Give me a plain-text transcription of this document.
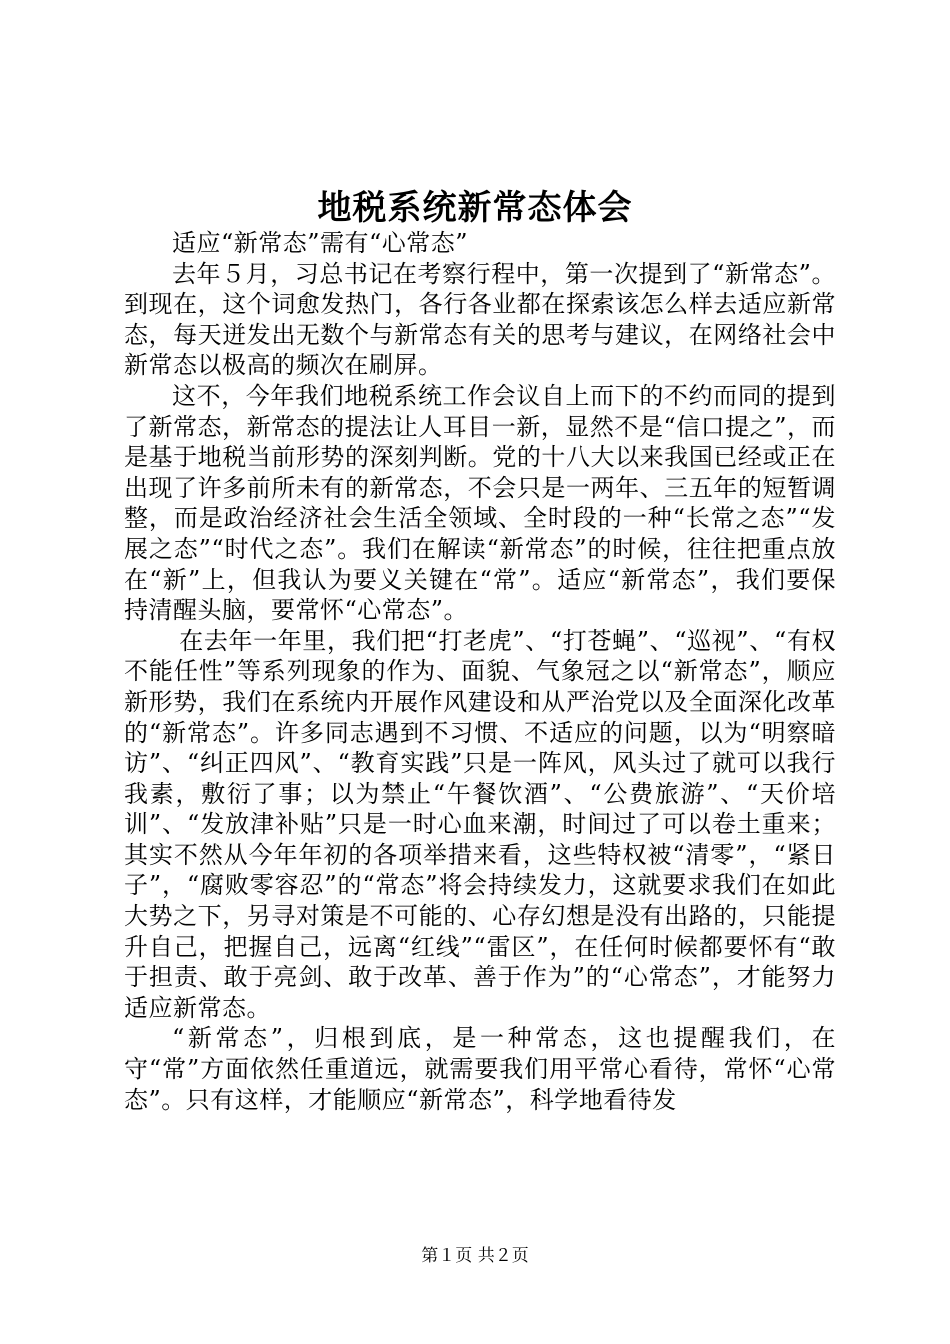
地税系统新常态体会

适应“新常态”需有“心常态”

去年５月，习总书记在考察行程中，第一次提到了“新常态”。到现在，这个词愈发热门，各行各业都在探索该怎么样去适应新常态，每天迸发出无数个与新常态有关的思考与建议，在网络社会中新常态以极高的频次在刷屏。

这不，今年我们地税系统工作会议自上而下的不约而同的提到了新常态，新常态的提法让人耳目一新，显然不是“信口提之”，而是基于地税当前形势的深刻判断。党的十八大以来我国已经或正在出现了许多前所未有的新常态，不会只是一两年、三五年的短暂调整，而是政治经济社会生活全领域、全时段的一种“长常之态”“发展之态”“时代之态”。我们在解读“新常态”的时候，往往把重点放在“新”上，但我认为要义关键在“常”。适应“新常态”，我们要保持清醒头脑，要常怀“心常态”。

在去年一年里，我们把“打老虎”、“打苍蝇”、“巡视”、“有权不能任性”等系列现象的作为、面貌、气象冠之以“新常态”，顺应新形势，我们在系统内开展作风建设和从严治党以及全面深化改革的“新常态”。许多同志遇到不习惯、不适应的问题，以为“明察暗访”、“纠正四风”、“教育实践”只是一阵风，风头过了就可以我行我素，敷衍了事；以为禁止“午餐饮酒”、“公费旅游”、“天价培训”、“发放津补贴”只是一时心血来潮，时间过了可以卷土重来；其实不然从今年年初的各项举措来看，这些特权被“清零”，“紧日子”，“腐败零容忍”的“常态”将会持续发力，这就要求我们在如此大势之下，另寻对策是不可能的、心存幻想是没有出路的，只能提升自己，把握自己，远离“红线”“雷区”，在任何时候都要怀有“敢于担责、敢于亮剑、敢于改革、善于作为”的“心常态”，才能努力适应新常态。

“新常态”，归根到底，是一种常态，这也提醒我们，在守“常”方面依然任重道远，就需要我们用平常心看待，常怀“心常态”。只有这样，才能顺应“新常态”，科学地看待发

第１页 共２页
